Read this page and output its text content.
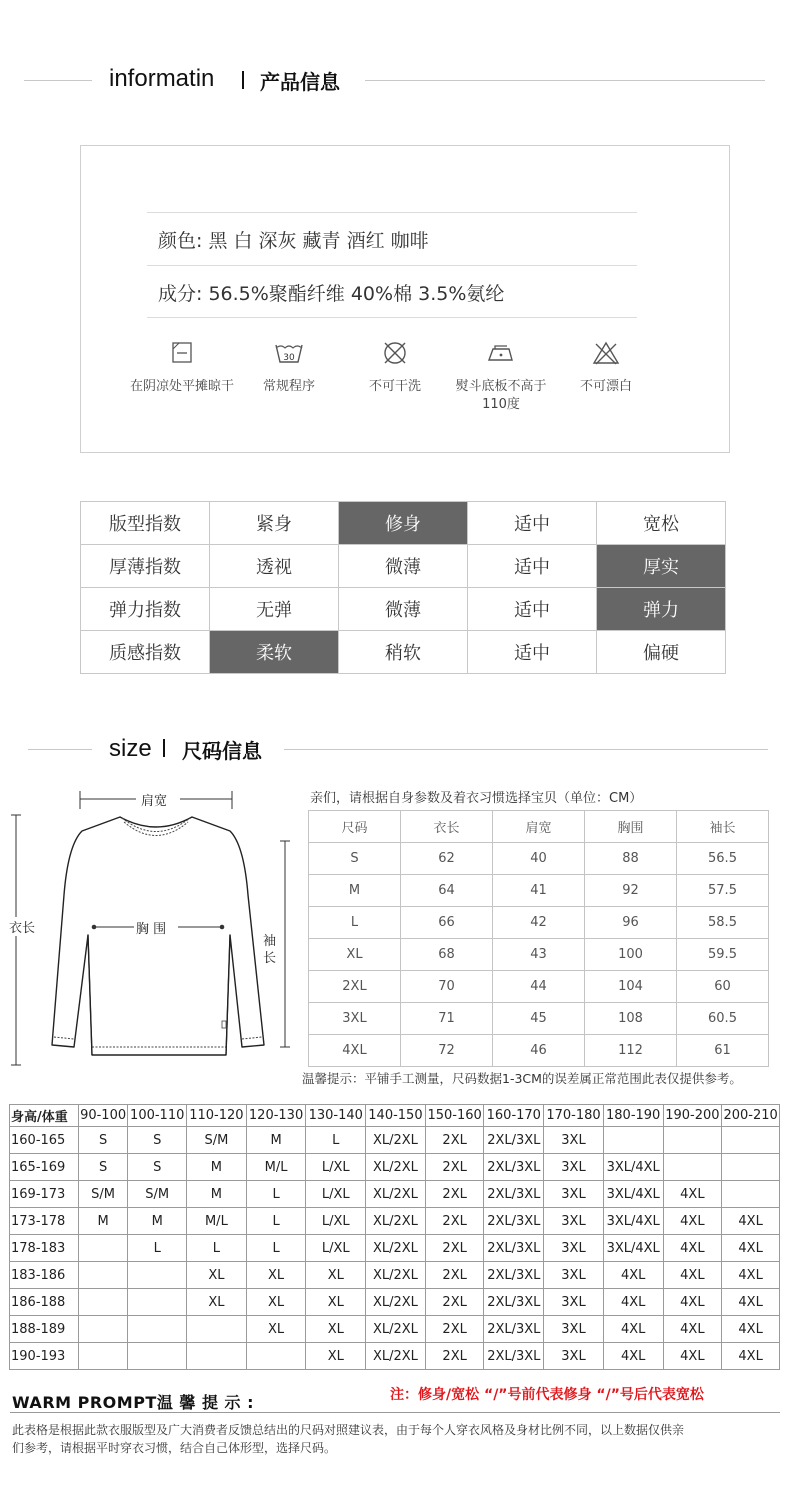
informatin 产品信息
颜色: 黑 白 深灰 藏青 酒红 咖啡
成分: 56.5%聚酯纤维 40%棉 3.5%氨纶
在阴凉处平摊晾干
30
常规程序	不可干洗	熨斗底板不高于110度
不可漂白
版型指数	紧身	修身	适中	宽松
厚薄指数	透视	微薄	适中	厚实
弹力指数	无弹	微薄	适中	弹力
质感指数	柔软	稍软	适中	偏硬
size 尺码信息
肩宽
衣长	胸 围
袖长
亲们，请根据自身参数及着衣习惯选择宝贝（单位：CM）
尺码	衣长	肩宽	胸围	袖长
S	62	40	88	56.5
M	64	41	92	57.5
L	66	42	96	58.5
XL	68	43	100	59.5
2XL	70	44	104	60
3XL	71	45	108	60.5
4XL	72	46	112	61
温馨提示：平铺手工测量，尺码数据1-3CM的误差属正常范围此表仅提供参考。
身高/体重	90-100	100-110	110-120	120-130	130-140	140-150	150-160	160-170	170-180	180-190	190-200	200-210
160-165	S	S	S/M	M	L	XL/2XL	2XL	2XL/3XL	3XL			
165-169	S	S	M	M/L	L/XL	XL/2XL	2XL	2XL/3XL	3XL	3XL/4XL		
169-173	S/M	S/M	M	L	L/XL	XL/2XL	2XL	2XL/3XL	3XL	3XL/4XL	4XL	
173-178	M	M	M/L	L	L/XL	XL/2XL	2XL	2XL/3XL	3XL	3XL/4XL	4XL	4XL
178-183		L	L	L	L/XL	XL/2XL	2XL	2XL/3XL	3XL	3XL/4XL	4XL	4XL
183-186			XL	XL	XL	XL/2XL	2XL	2XL/3XL	3XL	4XL	4XL	4XL
186-188			XL	XL	XL	XL/2XL	2XL	2XL/3XL	3XL	4XL	4XL	4XL
188-189				XL	XL	XL/2XL	2XL	2XL/3XL	3XL	4XL	4XL	4XL
190-193					XL	XL/2XL	2XL	2XL/3XL	3XL	4XL	4XL	4XL
WARM PROMPT温 馨 提 示 :	注：修身/宽松 “/”号前代表修身 “/”号后代表宽松
此表格是根据此款衣服版型及广大消费者反馈总结出的尺码对照建议表，由于每个人穿衣风格及身材比例不同，以上数据仅供亲
们参考，请根据平时穿衣习惯，结合自己体形型，选择尺码。
